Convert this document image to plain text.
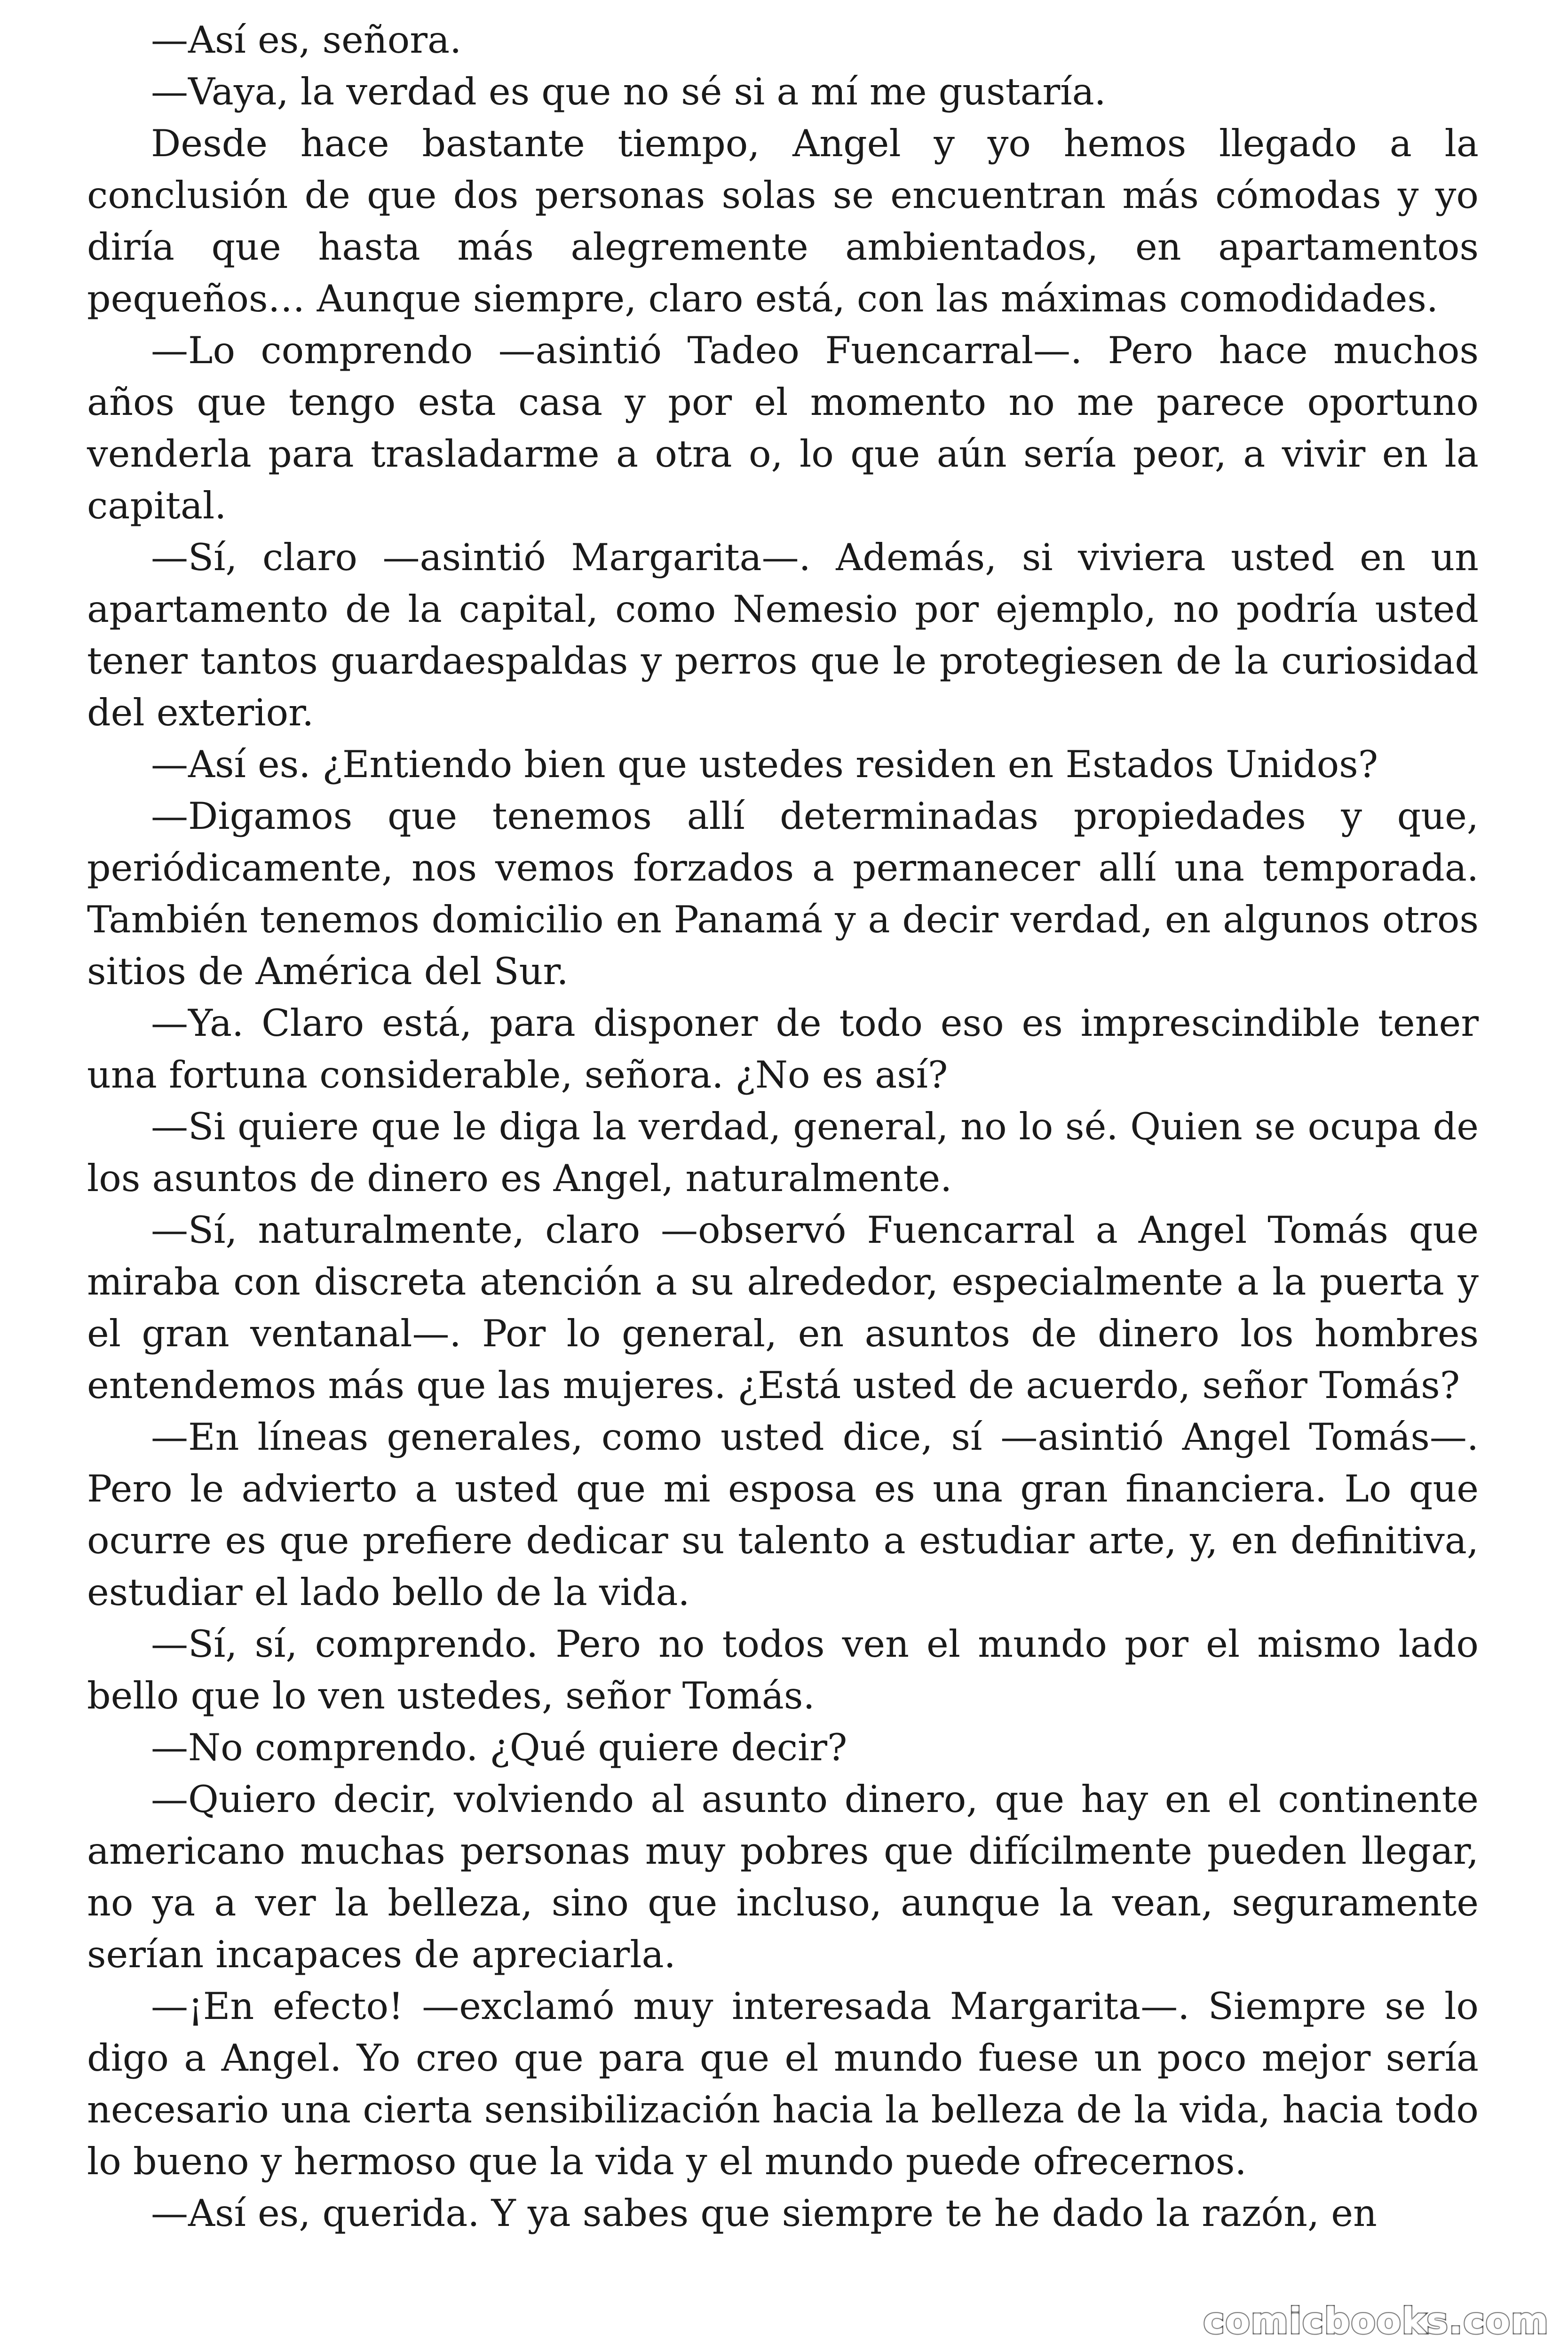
—Así es, señora.

—Vaya, la verdad es que no sé si a mí me gustaría.

Desde hace bastante tiempo, Angel y yo hemos llegado a la conclusión de que dos personas solas se encuentran más cómodas y yo diría que hasta más alegremente ambientados, en apartamentos pequeños… Aunque siempre, claro está, con las máximas comodidades.

—Lo comprendo —asintió Tadeo Fuencarral—. Pero hace muchos años que tengo esta casa y por el momento no me parece oportuno venderla para trasladarme a otra o, lo que aún sería peor, a vivir en la capital.

—Sí, claro —asintió Margarita—. Además, si viviera usted en un apartamento de la capital, como Nemesio por ejemplo, no podría usted tener tantos guardaespaldas y perros que le protegiesen de la curiosidad del exterior.

—Así es. ¿Entiendo bien que ustedes residen en Estados Unidos?

—Digamos que tenemos allí determinadas propiedades y que, periódicamente, nos vemos forzados a permanecer allí una temporada. También tenemos domicilio en Panamá y a decir verdad, en algunos otros sitios de América del Sur.

—Ya. Claro está, para disponer de todo eso es imprescindible tener una fortuna considerable, señora. ¿No es así?

—Si quiere que le diga la verdad, general, no lo sé. Quien se ocupa de los asuntos de dinero es Angel, naturalmente.

—Sí, naturalmente, claro —observó Fuencarral a Angel Tomás que miraba con discreta atención a su alrededor, especialmente a la puerta y el gran ventanal—. Por lo general, en asuntos de dinero los hombres entendemos más que las mujeres. ¿Está usted de acuerdo, señor Tomás?

—En líneas generales, como usted dice, sí —asintió Angel Tomás—. Pero le advierto a usted que mi esposa es una gran financiera. Lo que ocurre es que prefiere dedicar su talento a estudiar arte, y, en definitiva, estudiar el lado bello de la vida.

—Sí, sí, comprendo. Pero no todos ven el mundo por el mismo lado bello que lo ven ustedes, señor Tomás.

—No comprendo. ¿Qué quiere decir?

—Quiero decir, volviendo al asunto dinero, que hay en el continente americano muchas personas muy pobres que difícilmente pueden llegar, no ya a ver la belleza, sino que incluso, aunque la vean, seguramente serían incapaces de apreciarla.

—¡En efecto! —exclamó muy interesada Margarita—. Siempre se lo digo a Angel. Yo creo que para que el mundo fuese un poco mejor sería necesario una cierta sensibilización hacia la belleza de la vida, hacia todo lo bueno y hermoso que la vida y el mundo puede ofrecernos.

—Así es, querida. Y ya sabes que siempre te he dado la razón, en

comicbooks.com
